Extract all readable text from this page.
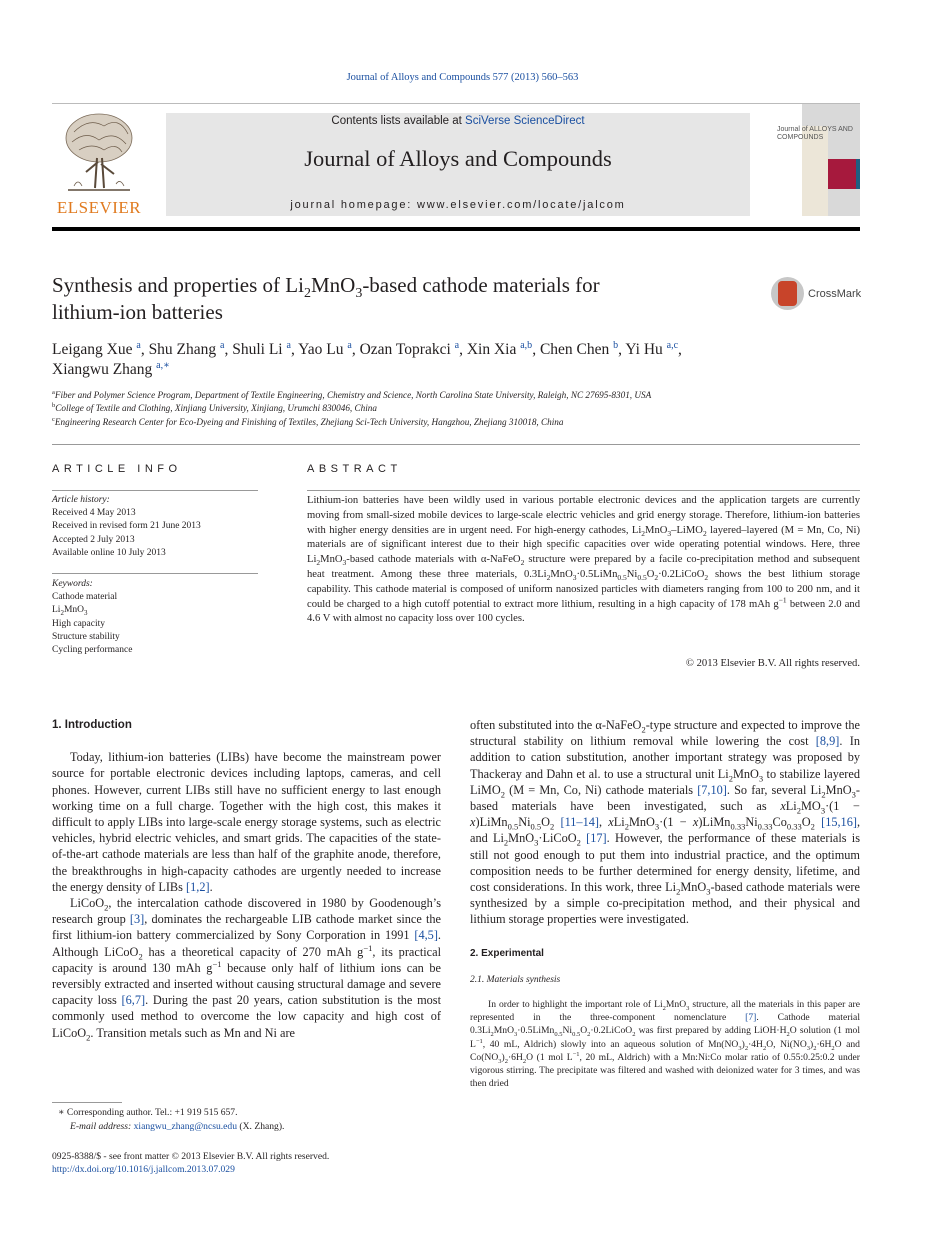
Journal of Alloys and Compounds 577 (2013) 560–563
ELSEVIER
Contents lists available at SciVerse ScienceDirect
Journal of Alloys and Compounds
journal homepage: www.elsevier.com/locate/jalcom
Journal of ALLOYS AND COMPOUNDS
Synthesis and properties of $Li_2MnO_3$-based cathode materials for
lithium-ion batteries
CrossMark
Leigang Xue $^a$, Shu Zhang $^a$, Shuli Li $^a$, Yao Lu $^a$, Ozan Toprakci $^a$, Xin Xia $^{a,b}$, Chen Chen $^b$, Yi Hu $^{a,c}$,
Xiangwu Zhang $^{a,∗}$
$^a$Fiber and Polymer Science Program, Department of Textile Engineering, Chemistry and Science, North Carolina State University, Raleigh, NC 27695-8301, USA
$^b$College of Textile and Clothing, Xinjiang University, Xinjiang, Urumchi 830046, China
$^c$Engineering Research Center for Eco-Dyeing and Finishing of Textiles, Zhejiang Sci-Tech University, Hangzhou, Zhejiang 310018, China
ARTICLE INFO
Article history:
Received 4 May 2013
Received in revised form 21 June 2013
Accepted 2 July 2013
Available online 10 July 2013
Keywords:
Cathode material
$Li_2MnO_3$
High capacity
Structure stability
Cycling performance
ABSTRACT
Lithium-ion batteries have been wildly used in various portable electronic devices and the application targets are currently moving from small-sized mobile devices to large-scale electric vehicles and grid energy storage. Therefore, lithium-ion batteries with higher energy densities are in urgent need. For high-energy cathodes, $Li_2MnO_3-LiMO_2$ layered–layered (M = Mn, Co, Ni) materials are of significant interest due to their high specific capacities over wide operating potential windows. Here, three $Li_2MnO_3$-based cathode materials with α-NaFeO$_2$ structure were prepared by a facile co-precipitation method and subsequent heat treatment. Among these three materials, $0.3Li_2MnO_3\cdot 0.5LiMn_{0.5}Ni_{0.5}O_2\cdot 0.2LiCoO_2$ shows the best lithium storage capability. This cathode material is composed of uniform nanosized particles with diameters ranging from 100 to 200 nm, and it could be charged to a high cutoff potential to extract more lithium, resulting in a high capacity of 178 mAh $g^{-1}$ between 2.0 and 4.6 V with almost no capacity loss over 100 cycles.
© 2013 Elsevier B.V. All rights reserved.

1. Introduction

Today, lithium-ion batteries (LIBs) have become the mainstream power source for portable electronic devices including laptops, cameras, and cell phones. However, current LIBs still have no sufficient energy to last enough working time on a full charge. Together with the high cost, this makes it difficult to apply LIBs into large-scale energy storage systems, such as electric vehicles, hybrid electric vehicles, and smart grids. The capacities of the state-of-the-art cathode materials are less than half of the graphite anode, therefore, the breakthroughs in high-capacity cathodes are urgently needed to increase the energy density of LIBs [1,2].

LiCoO$_2$, the intercalation cathode discovered in 1980 by Goodenough’s research group [3], dominates the rechargeable LIB cathode market since the first lithium-ion battery commercialized by Sony Corporation in 1991 [4,5]. Although LiCoO$_2$ has a theoretical capacity of 270 mAh $g^{-1}$, its practical capacity is around 130 mAh $g^{-1}$ because only half of lithium ions can be reversibly extracted and inserted without causing structural damage and severe capacity loss [6,7]. During the past 20 years, cation substitution is the most commonly used method to overcome the low capacity and high cost of LiCoO$_2$. Transition metals such as Mn and Ni are

often substituted into the α-NaFeO$_2$-type structure and expected to improve the structural stability on lithium removal while lowering the cost [8,9]. In addition to cation substitution, another important strategy was proposed by Thackeray and Dahn et al. to use a structural unit $Li_2MnO_3$ to stabilize layered LiMO$_2$ (M = Mn, Co, Ni) cathode materials [7,10]. So far, several $Li_2MnO_3$-based materials have been investigated, such as $xLi_2MO_3\cdot(1$ − $x)LiMn_{0.5}Ni_{0.5}O_2$ [11–14], $xLi_2MnO_3\cdot(1 - x)LiMn_{0.33}Ni_{0.33}Co_{0.33}O_2$ [15,16], and $Li_2MnO_3\cdot LiCoO_2$ [17]. However, the performance of these materials is still not good enough to put them into industrial practice, and the optimum composition needs to be further determined for energy density, lifetime, and cost considerations. In this work, three $Li_2MnO_3$-based cathode materials were synthesized by a simple co-precipitation method, and their physical and lithium storage properties were investigated.

2. Experimental

2.1. Materials synthesis

In order to highlight the important role of $Li_2MnO_3$ structure, all the materials in this paper are represented in the three-component nomenclature [7]. Cathode material $0.3Li_2MnO_3\cdot 0.5LiMn_{0.5}Ni_{0.5}O_2\cdot 0.2LiCoO_2$ was first prepared by adding $LiOH\cdot H_2O$ solution (1 mol $L^{-1}$, 40 mL, Aldrich) slowly into an aqueous solution of $Mn(NO_3)_2\cdot 4H_2O$, $Ni(NO_3)_2\cdot 6H_2O$ and $Co(NO_3)_2\cdot 6H_2O$ (1 mol $L^{-1}$, 20 mL, Aldrich) with a Mn:Ni:Co molar ratio of 0.55:0.25:0.2 under vigorous stirring. The precipitate was filtered and washed with deionized water for 3 times, and was then dried

∗ Corresponding author. Tel.: +1 919 515 657.
E-mail address: xiangwu_zhang@ncsu.edu (X. Zhang).
0925-8388/$ - see front matter © 2013 Elsevier B.V. All rights reserved.
http://dx.doi.org/10.1016/j.jallcom.2013.07.029
